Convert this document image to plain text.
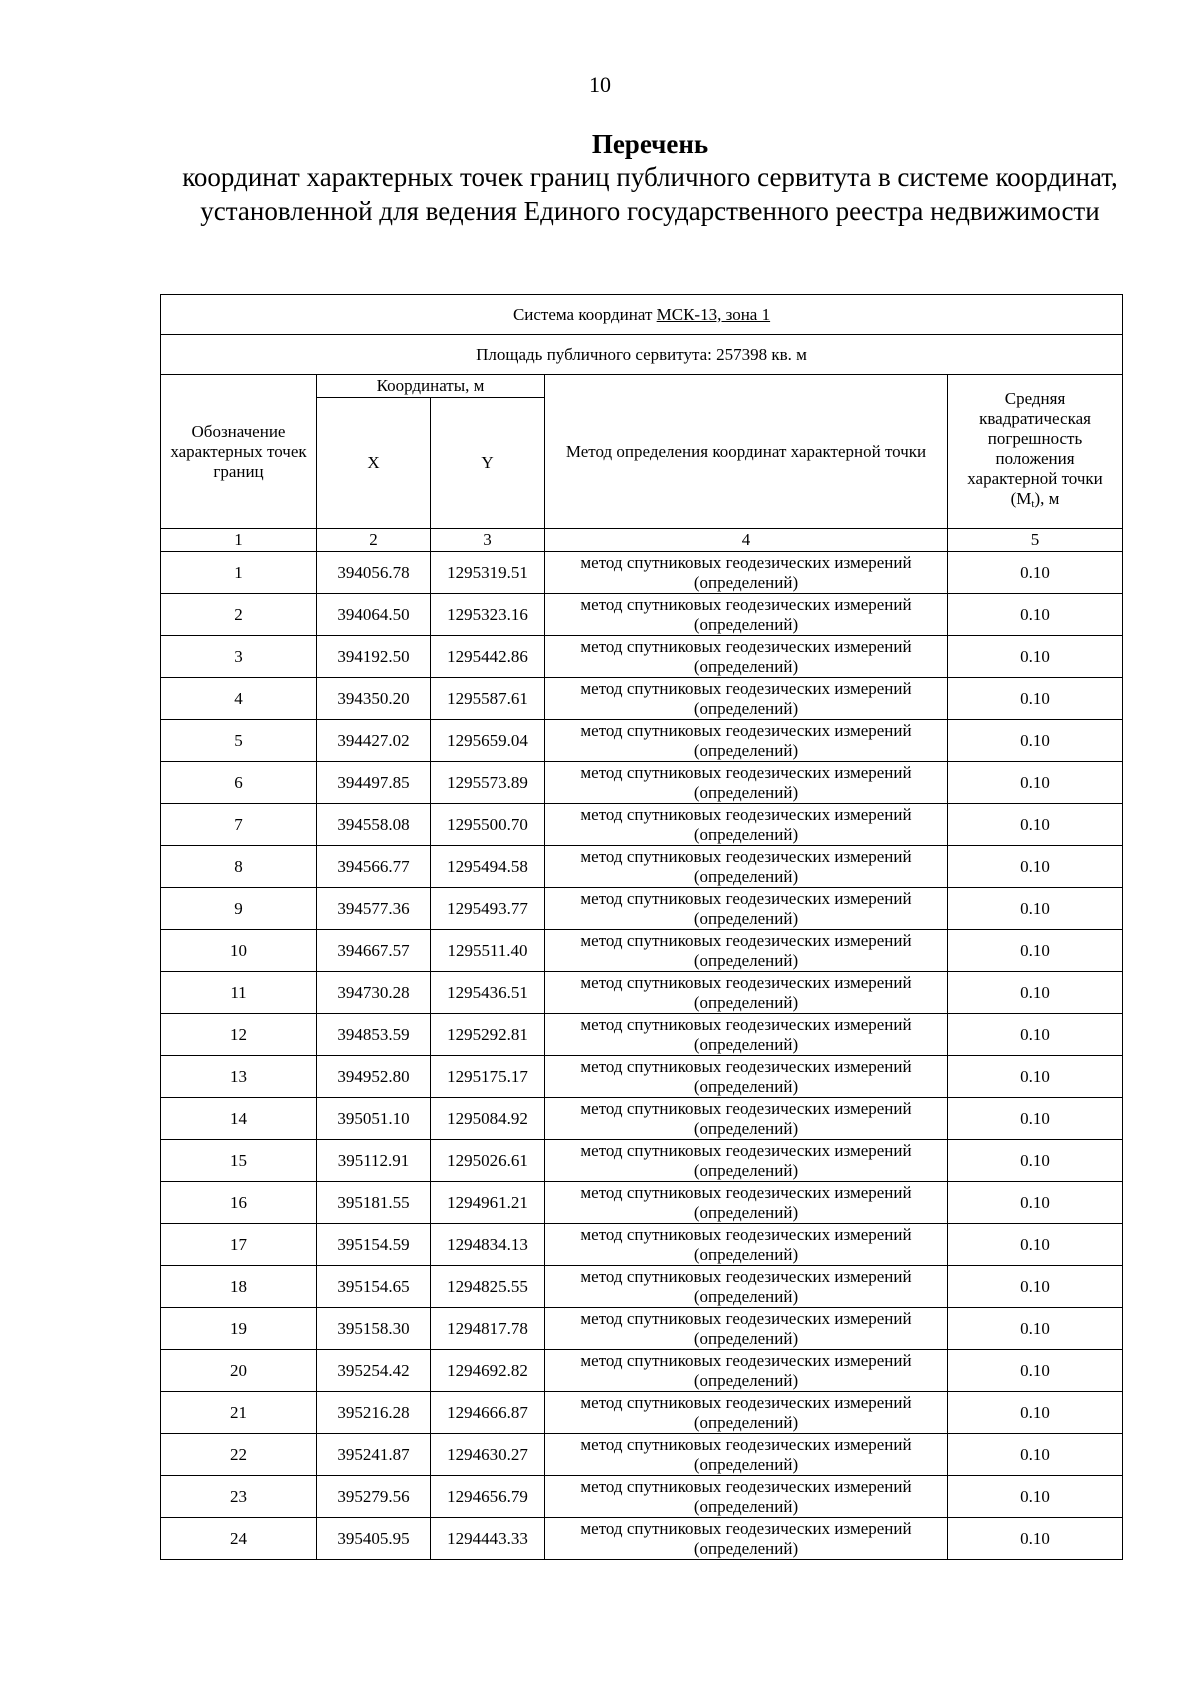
10
Перечень
координат характерных точек границ публичного сервитута в системе координат, установленной для ведения Единого государственного реестра недвижимости
Система координат МСК-13, зона 1				
Площадь публичного сервитута: 257398 кв. м				
Обозначение характерных точек границ	Координаты, м		Метод определения координат характерной точки	Средняя квадратическая погрешность положения характерной точки $(M_t)$, м
	X	Y		
1	2	3	4	5
1	394056.78	1295319.51	метод спутниковых геодезических измерений (определений)	0.10
2	394064.50	1295323.16	метод спутниковых геодезических измерений (определений)	0.10
3	394192.50	1295442.86	метод спутниковых геодезических измерений (определений)	0.10
4	394350.20	1295587.61	метод спутниковых геодезических измерений (определений)	0.10
5	394427.02	1295659.04	метод спутниковых геодезических измерений (определений)	0.10
6	394497.85	1295573.89	метод спутниковых геодезических измерений (определений)	0.10
7	394558.08	1295500.70	метод спутниковых геодезических измерений (определений)	0.10
8	394566.77	1295494.58	метод спутниковых геодезических измерений (определений)	0.10
9	394577.36	1295493.77	метод спутниковых геодезических измерений (определений)	0.10
10	394667.57	1295511.40	метод спутниковых геодезических измерений (определений)	0.10
11	394730.28	1295436.51	метод спутниковых геодезических измерений (определений)	0.10
12	394853.59	1295292.81	метод спутниковых геодезических измерений (определений)	0.10
13	394952.80	1295175.17	метод спутниковых геодезических измерений (определений)	0.10
14	395051.10	1295084.92	метод спутниковых геодезических измерений (определений)	0.10
15	395112.91	1295026.61	метод спутниковых геодезических измерений (определений)	0.10
16	395181.55	1294961.21	метод спутниковых геодезических измерений (определений)	0.10
17	395154.59	1294834.13	метод спутниковых геодезических измерений (определений)	0.10
18	395154.65	1294825.55	метод спутниковых геодезических измерений (определений)	0.10
19	395158.30	1294817.78	метод спутниковых геодезических измерений (определений)	0.10
20	395254.42	1294692.82	метод спутниковых геодезических измерений (определений)	0.10
21	395216.28	1294666.87	метод спутниковых геодезических измерений (определений)	0.10
22	395241.87	1294630.27	метод спутниковых геодезических измерений (определений)	0.10
23	395279.56	1294656.79	метод спутниковых геодезических измерений (определений)	0.10
24	395405.95	1294443.33	метод спутниковых геодезических измерений (определений)	0.10
